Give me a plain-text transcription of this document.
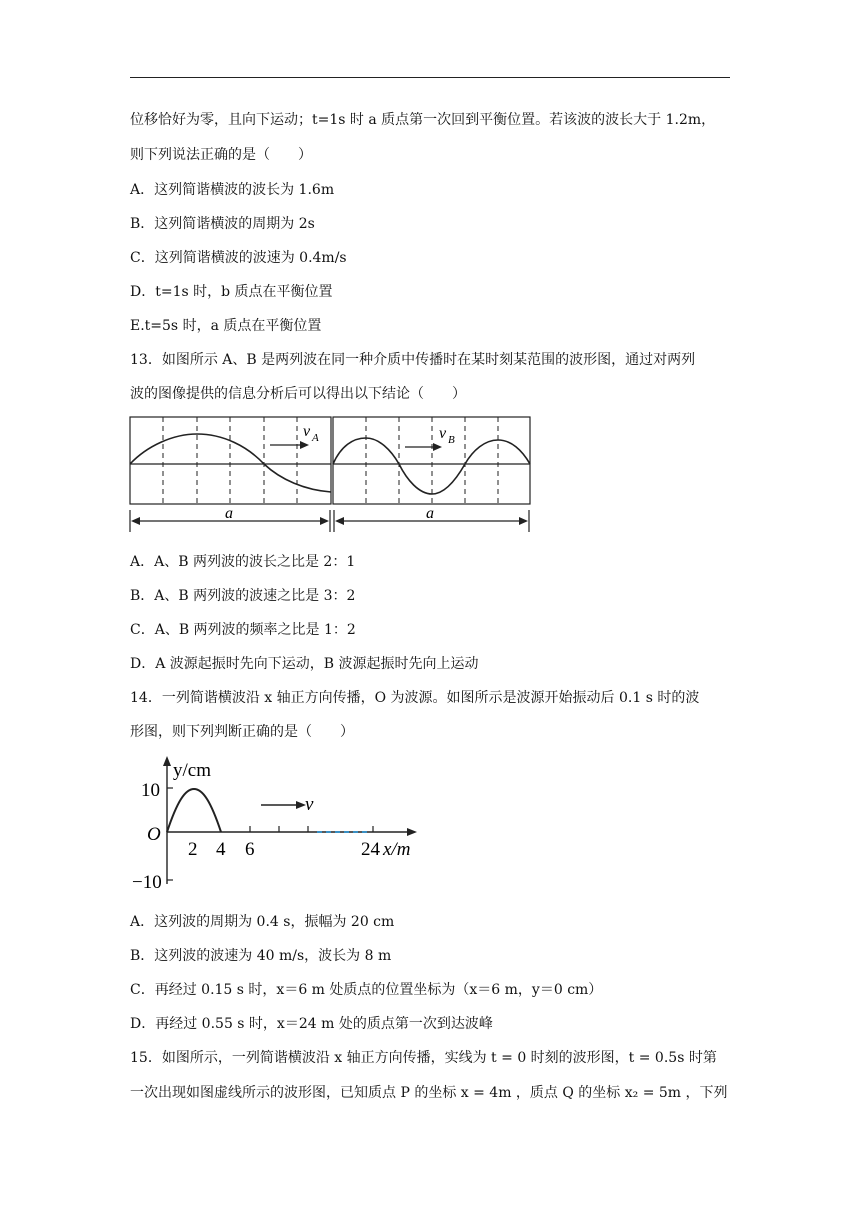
位移恰好为零，且向下运动；t=1s 时 a 质点第一次回到平衡位置。若该波的波长大于 1.2m，
则下列说法正确的是（　　）
A．这列简谐横波的波长为 1.6m
B．这列简谐横波的周期为 2s
C．这列简谐横波的波速为 0.4m/s
D．t=1s 时，b 质点在平衡位置
E.t=5s 时，a 质点在平衡位置
13．如图所示 A、B 是两列波在同一种介质中传播时在某时刻某范围的波形图，通过对两列
波的图像提供的信息分析后可以得出以下结论（　　）
v A	v B
a	a
A．A、B 两列波的波长之比是 2：1
B．A、B 两列波的波速之比是 3：2
C．A、B 两列波的频率之比是 1：2
D．A 波源起振时先向下运动，B 波源起振时先向上运动
14．一列简谐横波沿 x 轴正方向传播，O 为波源。如图所示是波源开始振动后 0.1 s 时的波
形图，则下列判断正确的是（　　）
y/cm
v
10
−10
O
2 4 6	24 x/m
A．这列波的周期为 0.4 s，振幅为 20 cm
B．这列波的波速为 40 m/s，波长为 8 m
C．再经过 0.15 s 时，x＝6 m 处质点的位置坐标为（x＝6 m，y＝0 cm）
D．再经过 0.55 s 时，x＝24 m 处的质点第一次到达波峰
15．如图所示，一列简谐横波沿 x 轴正方向传播，实线为 t = 0 时刻的波形图，t = 0.5s 时第
一次出现如图虚线所示的波形图，已知质点 P 的坐标 x = 4m ，质点 Q 的坐标 x₂ = 5m ，下列
